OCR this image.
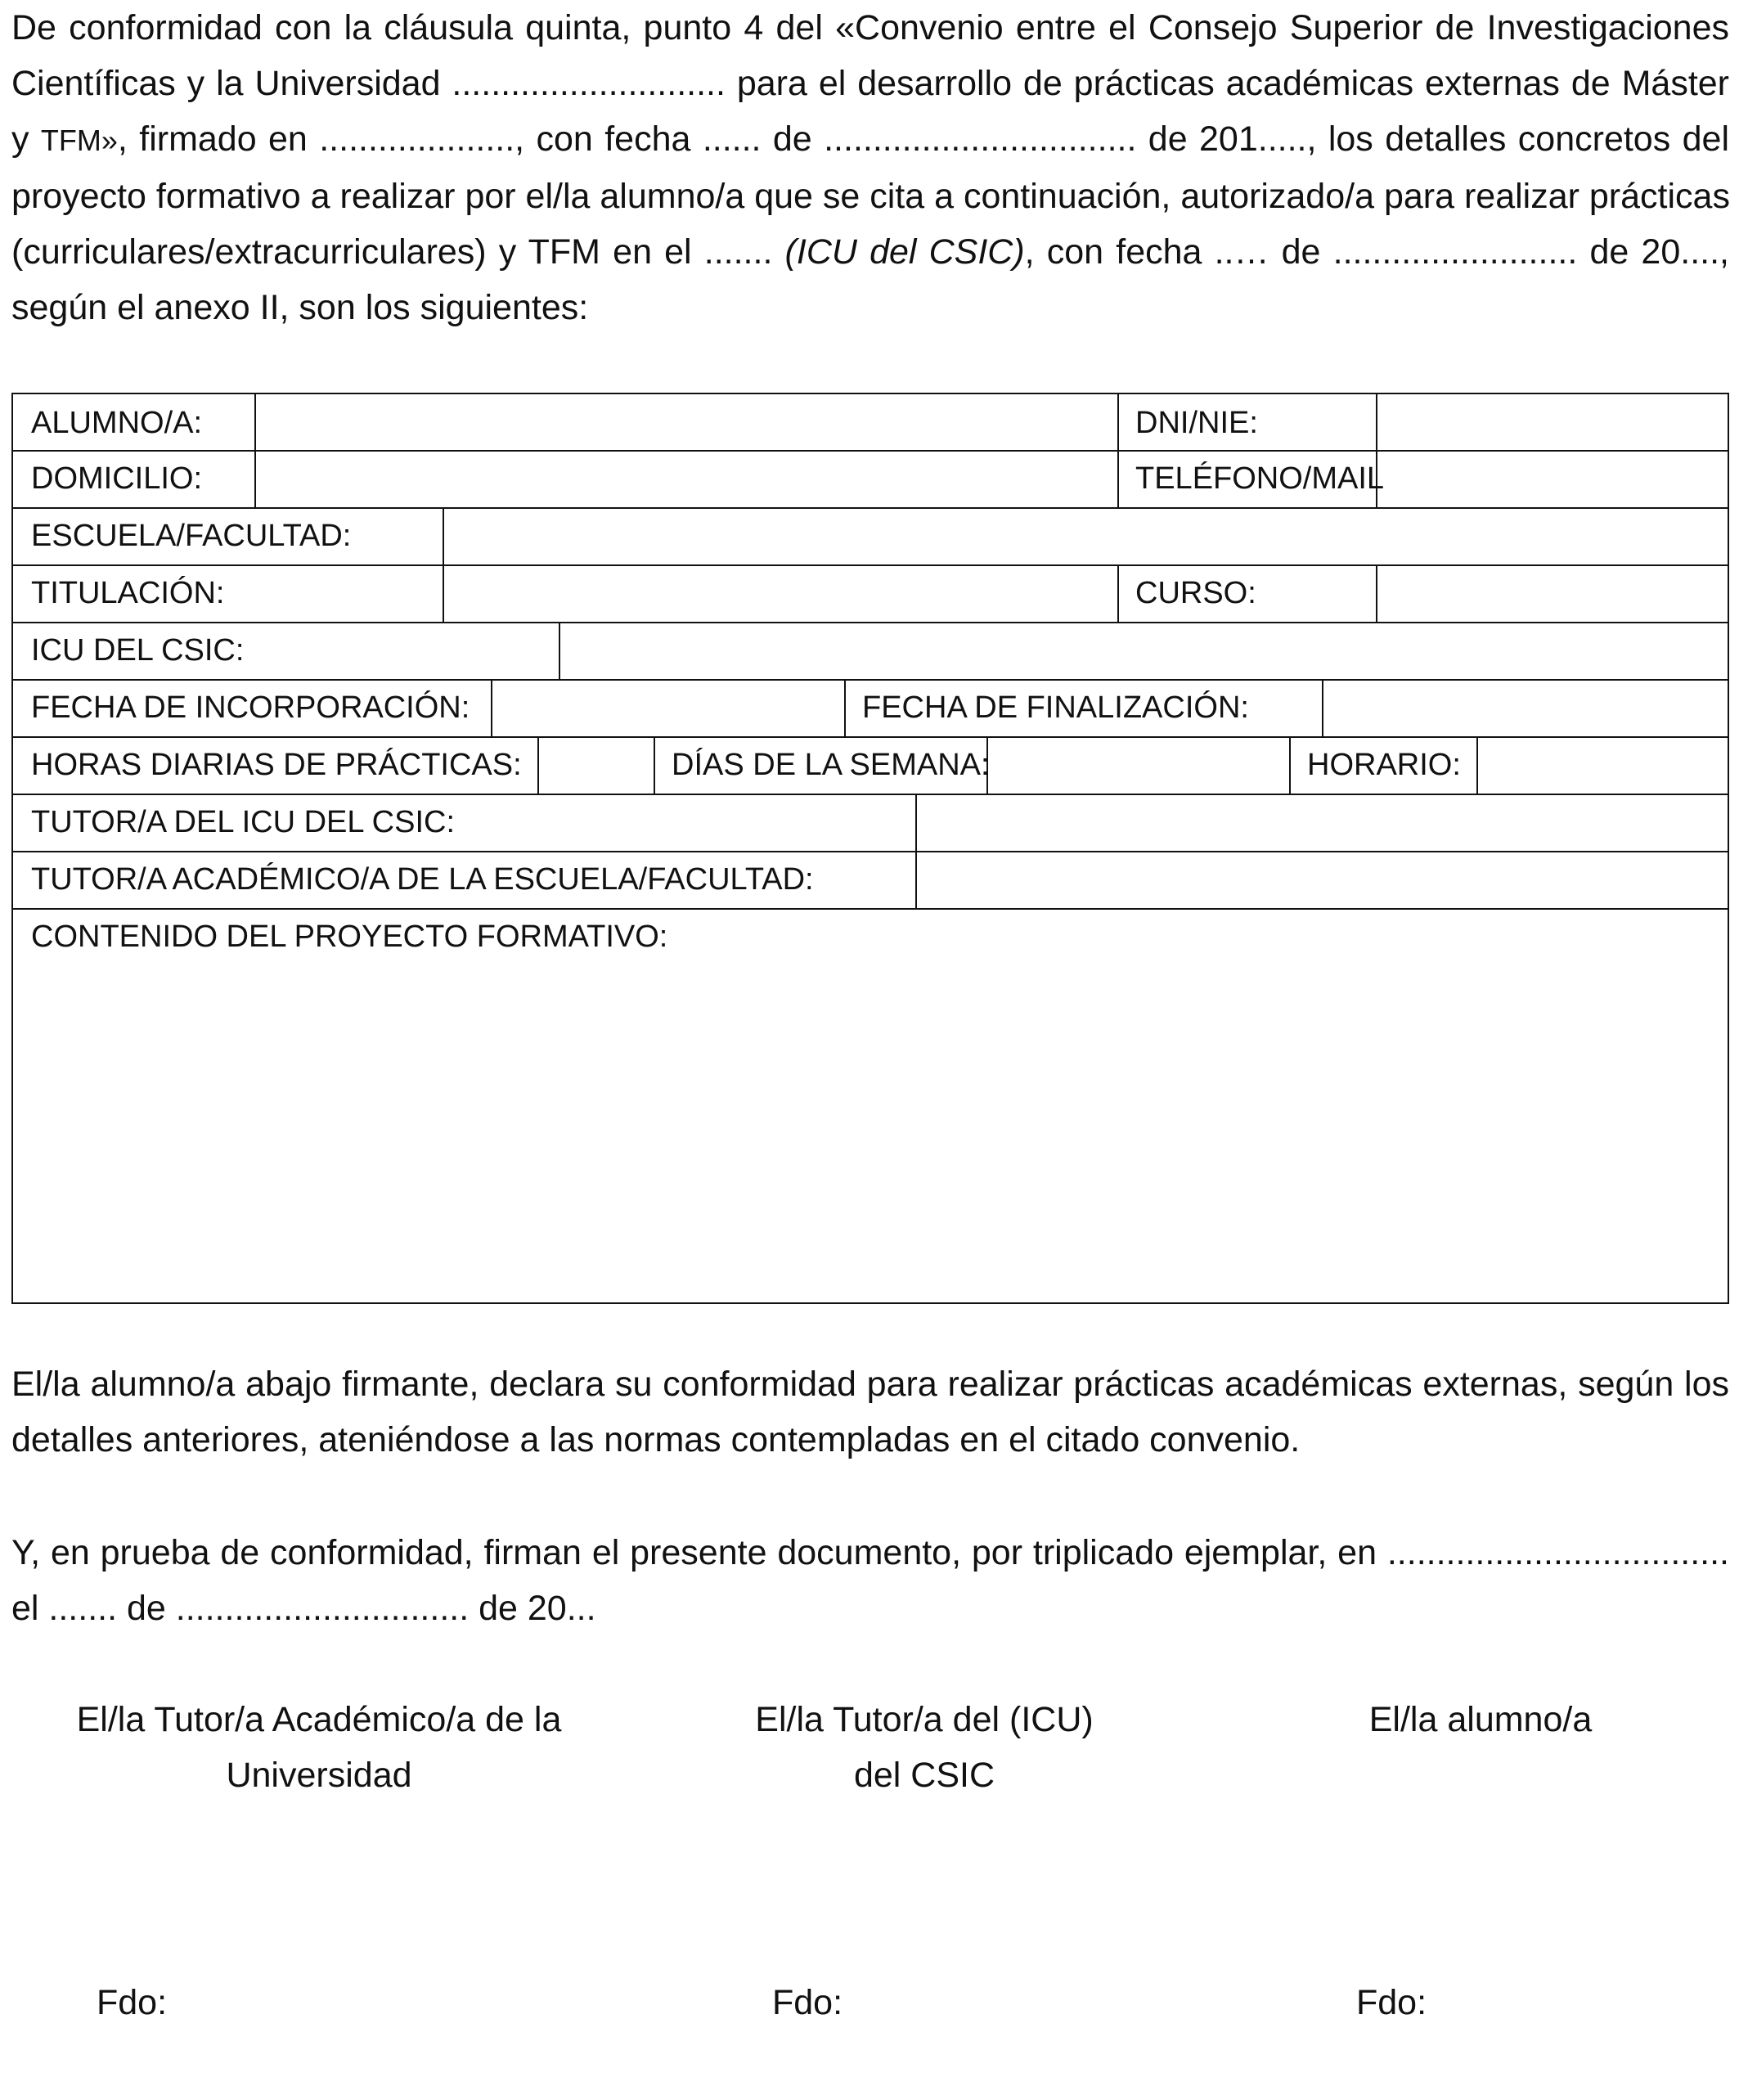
De conformidad con la cláusula quinta, punto 4 del «Convenio entre el Consejo Superior de Investigaciones
Científicas y la Universidad ............................ para el desarrollo de prácticas académicas externas de Máster
y TFM», firmado en ...................., con fecha ...... de ................................ de 201....., los detalles concretos del
proyecto formativo a realizar por el/la alumno/a que se cita a continuación, autorizado/a para realizar prácticas
(curriculares/extracurriculares) y TFM en el ....... (ICU del CSIC), con fecha ..… de ......................... de 20....,
según el anexo II, son los siguientes:
ALUMNO/A:	DNI/NIE:
DOMICILIO:	TELÉFONO/MAIL
ESCUELA/FACULTAD:
TITULACIÓN:	CURSO:
ICU DEL CSIC:
FECHA DE INCORPORACIÓN:	FECHA DE FINALIZACIÓN:
HORAS DIARIAS DE PRÁCTICAS:	DÍAS DE LA SEMANA:	HORARIO:
TUTOR/A DEL ICU DEL CSIC:
TUTOR/A ACADÉMICO/A DE LA ESCUELA/FACULTAD:
CONTENIDO DEL PROYECTO FORMATIVO:
El/la alumno/a abajo firmante, declara su conformidad para realizar prácticas académicas externas, según los
detalles anteriores, ateniéndose a las normas contempladas en el citado convenio.
Y, en prueba de conformidad, firman el presente documento, por triplicado ejemplar, en ...................................
el ....... de .............................. de 20...
El/la Tutor/a Académico/a de la
Universidad
El/la Tutor/a del (ICU)
del CSIC
El/la alumno/a
Fdo:	Fdo:	Fdo:
